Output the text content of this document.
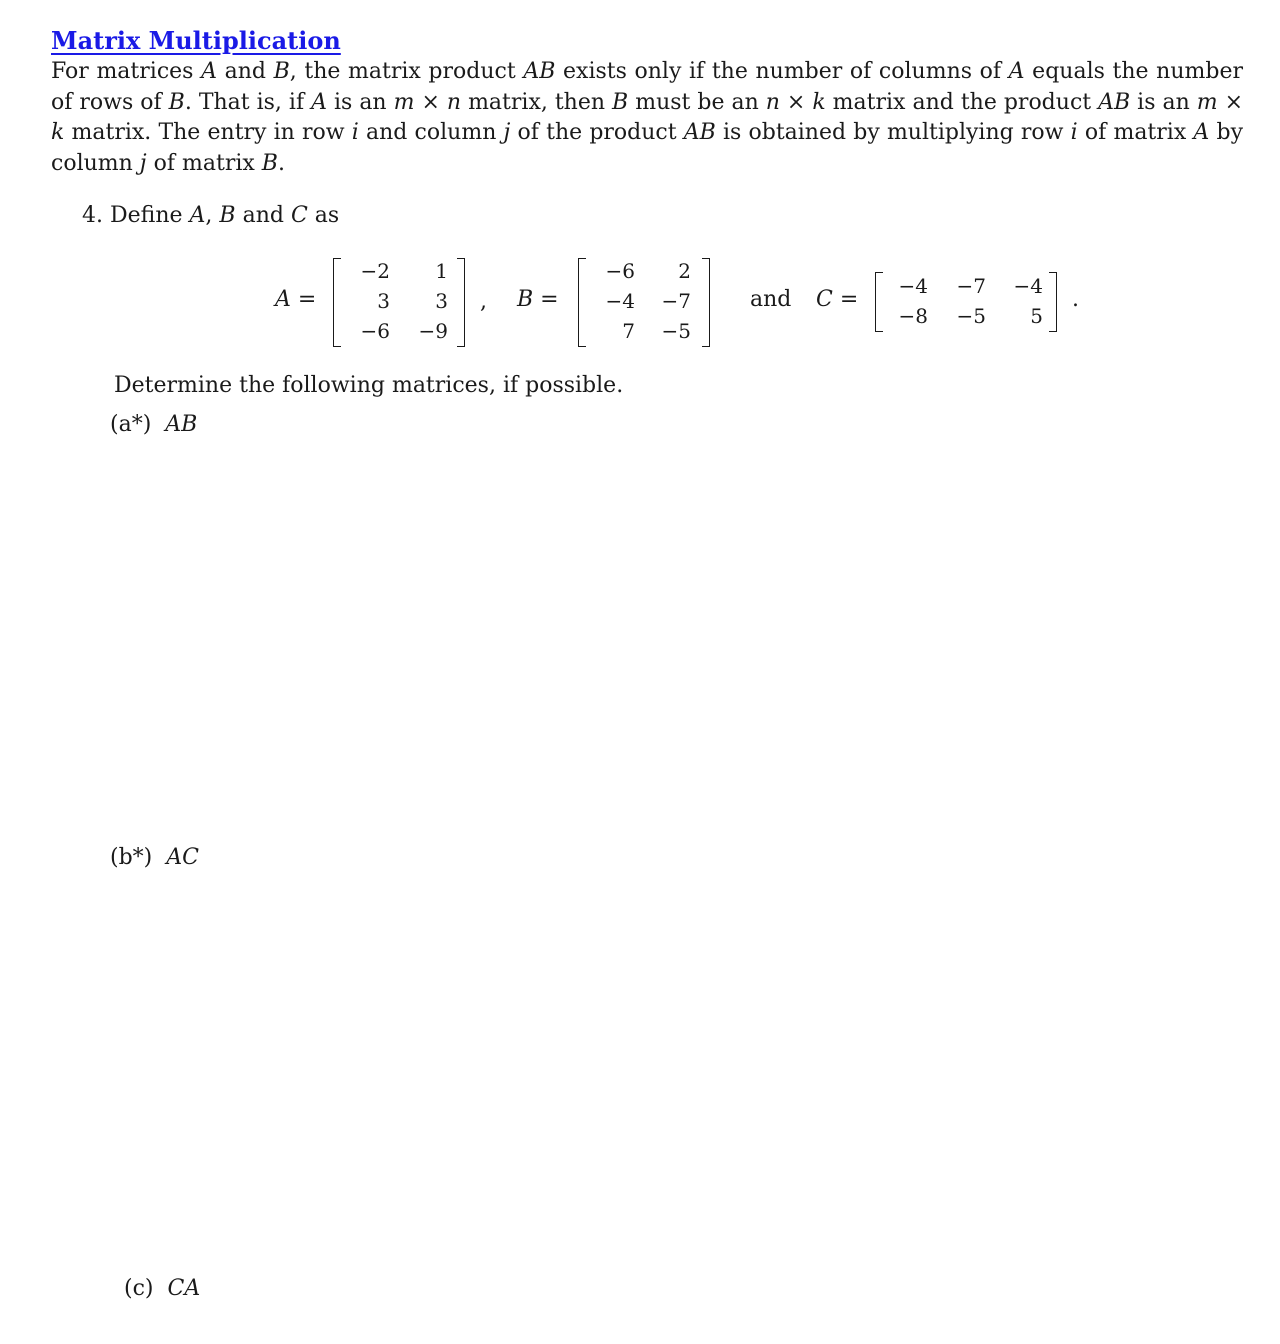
Matrix Multiplication

For matrices A and B, the matrix product AB exists only if the number of columns of A equals the number of rows of B. That is, if A is an m × n matrix, then B must be an n × k matrix and the product AB is an m × k matrix. The entry in row i and column j of the product AB is obtained by multiplying row i of matrix A by column j of matrix B.

4. Define A, B and C as
A =
−2	1
3	3
−6	−9
, B =
−6	2
−4	−7
7	−5
and C =
−4	−7	−4
−8	−5	5
.
Determine the following matrices, if possible.
(a*) AB
(b*) AC
(c) CA
